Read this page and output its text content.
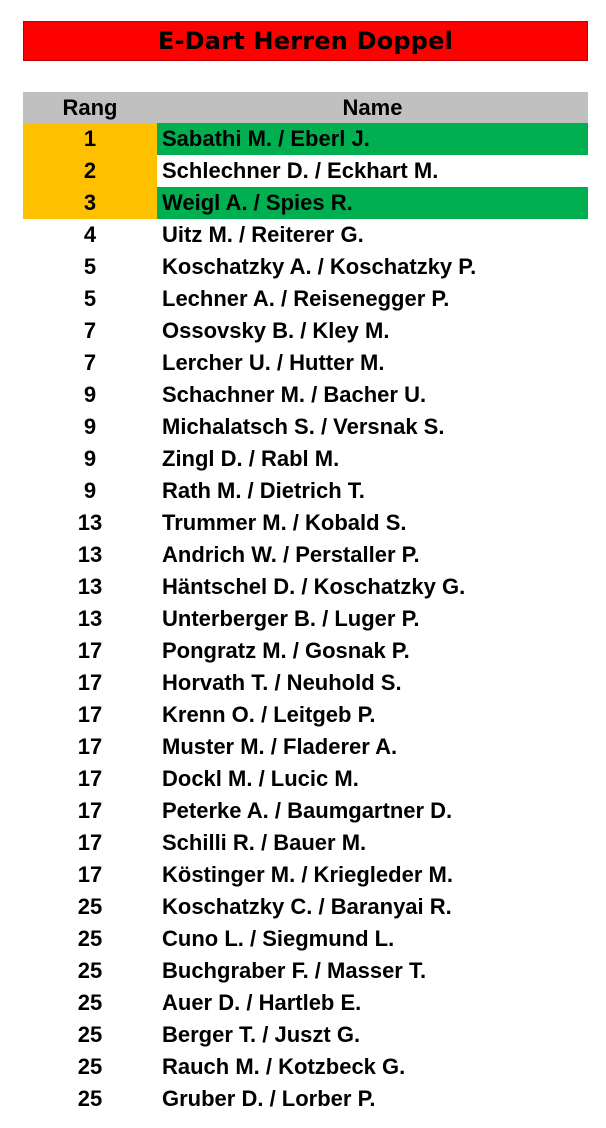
E-Dart Herren Doppel
Rang	Name
1	Sabathi M. / Eberl J.
2	Schlechner D. / Eckhart M.
3	Weigl A. / Spies R.
4	Uitz M. / Reiterer G.
5	Koschatzky A. / Koschatzky P.
5	Lechner A. / Reisenegger P.
7	Ossovsky B. / Kley M.
7	Lercher U. / Hutter M.
9	Schachner M. / Bacher U.
9	Michalatsch S. / Versnak S.
9	Zingl D. / Rabl M.
9	Rath M. / Dietrich T.
13	Trummer M. / Kobald S.
13	Andrich W. / Perstaller P.
13	Häntschel D. / Koschatzky G.
13	Unterberger B. / Luger P.
17	Pongratz M. / Gosnak P.
17	Horvath T. / Neuhold S.
17	Krenn O. / Leitgeb P.
17	Muster M. / Fladerer A.
17	Dockl M. / Lucic M.
17	Peterke A. / Baumgartner D.
17	Schilli R. / Bauer M.
17	Köstinger M. / Kriegleder M.
25	Koschatzky C. / Baranyai R.
25	Cuno L. / Siegmund L.
25	Buchgraber F. / Masser T.
25	Auer D. / Hartleb E.
25	Berger T. / Juszt G.
25	Rauch M. / Kotzbeck G.
25	Gruber D. / Lorber P.
